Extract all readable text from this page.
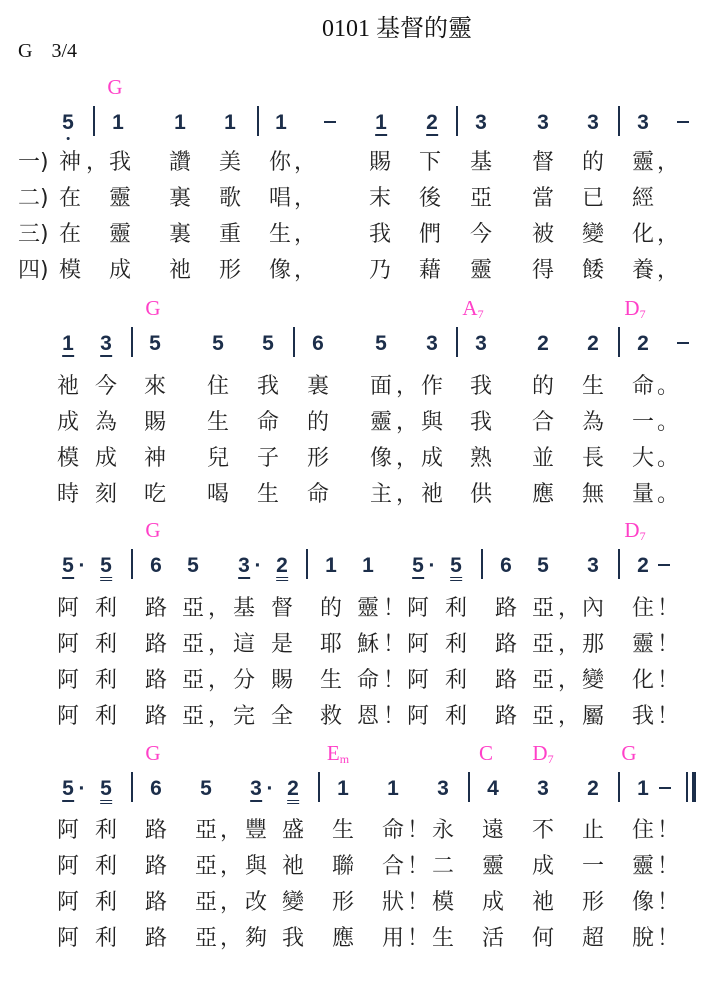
0101 基督的靈
G 3/4
G
5 1 1 1 1	1 2 3 3 3 3
一) 神 ， 我 讚 美 你 ， 賜 下 基 督 的 靈 ，
二) 在 靈 裏 歌 唱 ， 末 後 亞 當 已 經
三) 在 靈 裏 重 生 ， 我 們 今 被 變 化 ，
四) 模 成 祂 形 像 ， 乃 藉 靈 得 餧 養 ，
G	$A_7$	$D_7$
1 3 5 5 5 6 5 3 3 2 2 2
祂 今 來 住 我 裏 面 ， 作 我 的 生 命 。
成 為 賜 生 命 的 靈 ， 與 我 合 為 一 。
模 成 神 兒 子 形 像 ， 成 熟 並 長 大 。
時 刻 吃 喝 生 命 主 ， 祂 供 應 無 量 。
G	$D_7$
5 · 5 6 5 3 · 2 1 1 5 · 5 6 5 3 2
阿 利 路 亞 ， 基 督 的 靈 ！ 阿 利 路 亞 ， 內 住 ！
阿 利 路 亞 ， 這 是 耶 穌 ！ 阿 利 路 亞 ， 那 靈 ！
阿 利 路 亞 ， 分 賜 生 命 ！ 阿 利 路 亞 ， 變 化 ！
阿 利 路 亞 ， 完 全 救 恩 ！ 阿 利 路 亞 ， 屬 我 ！
G	$E_m$	C $D_7$	G
5 · 5 6 5 3 · 2 1 1 3 4 3 2 1
阿 利 路 亞 ， 豐 盛 生 命 ！ 永 遠 不 止 住 ！
阿 利 路 亞 ， 與 祂 聯 合 ！ 二 靈 成 一 靈 ！
阿 利 路 亞 ， 改 變 形 狀 ！ 模 成 祂 形 像 ！
阿 利 路 亞 ， 夠 我 應 用 ！ 生 活 何 超 脫 ！
